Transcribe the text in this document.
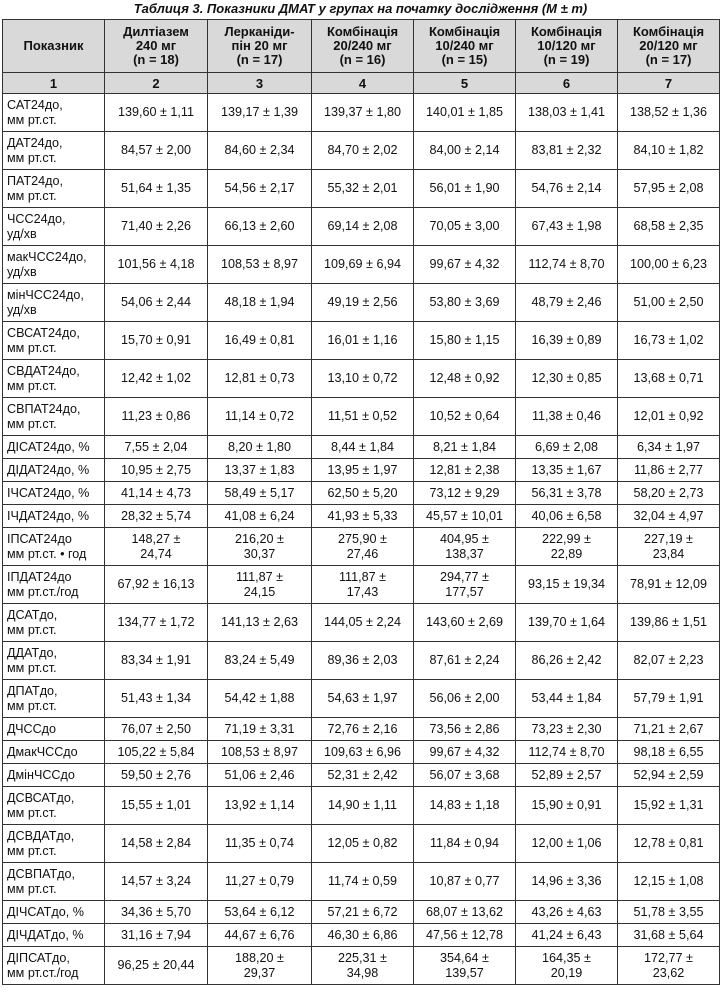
Таблиця 3. Показники ДМАТ у групах на початку дослідження (M ± m)
Показник	Дилтіазем
240 мг
(n = 18)	Лерканіди-
пін 20 мг
(n = 17)	Комбінація
20/240 мг
(n = 16)	Комбінація
10/240 мг
(n = 15)	Комбінація
10/120 мг
(n = 19)	Комбінація
20/120 мг
(n = 17)

1	2	3	4	5	6	7

САТ24до,
мм рт.ст.	139,60 ± 1,11	139,17 ± 1,39	139,37 ± 1,80	140,01 ± 1,85	138,03 ± 1,41	138,52 ± 1,36

ДАТ24до,
мм рт.ст.	84,57 ± 2,00	84,60 ± 2,34	84,70 ± 2,02	84,00 ± 2,14	83,81 ± 2,32	84,10 ± 1,82

ПАТ24до,
мм рт.ст.	51,64 ± 1,35	54,56 ± 2,17	55,32 ± 2,01	56,01 ± 1,90	54,76 ± 2,14	57,95 ± 2,08

ЧСС24до,
уд/хв	71,40 ± 2,26	66,13 ± 2,60	69,14 ± 2,08	70,05 ± 3,00	67,43 ± 1,98	68,58 ± 2,35

макЧСС24до,
уд/хв	101,56 ± 4,18	108,53 ± 8,97	109,69 ± 6,94	99,67 ± 4,32	112,74 ± 8,70	100,00 ± 6,23

мінЧСС24до,
уд/хв	54,06 ± 2,44	48,18 ± 1,94	49,19 ± 2,56	53,80 ± 3,69	48,79 ± 2,46	51,00 ± 2,50

СВСАТ24до,
мм рт.ст.	15,70 ± 0,91	16,49 ± 0,81	16,01 ± 1,16	15,80 ± 1,15	16,39 ± 0,89	16,73 ± 1,02

СВДАТ24до,
мм рт.ст.	12,42 ± 1,02	12,81 ± 0,73	13,10 ± 0,72	12,48 ± 0,92	12,30 ± 0,85	13,68 ± 0,71

СВПАТ24до,
мм рт.ст.	11,23 ± 0,86	11,14 ± 0,72	11,51 ± 0,52	10,52 ± 0,64	11,38 ± 0,46	12,01 ± 0,92

ДІСАТ24до, %	7,55 ± 2,04	8,20 ± 1,80	8,44 ± 1,84	8,21 ± 1,84	6,69 ± 2,08	6,34 ± 1,97

ДІДАТ24до, %	10,95 ± 2,75	13,37 ± 1,83	13,95 ± 1,97	12,81 ± 2,38	13,35 ± 1,67	11,86 ± 2,77

ІЧСАТ24до, %	41,14 ± 4,73	58,49 ± 5,17	62,50 ± 5,20	73,12 ± 9,29	56,31 ± 3,78	58,20 ± 2,73

ІЧДАТ24до, %	28,32 ± 5,74	41,08 ± 6,24	41,93 ± 5,33	45,57 ± 10,01	40,06 ± 6,58	32,04 ± 4,97

ІПСАТ24до
мм рт.ст. • год	148,27 ±
24,74	216,20 ±
30,37	275,90 ±
27,46	404,95 ±
138,37	222,99 ±
22,89	227,19 ±
23,84

ІПДАТ24до
мм рт.ст./год	67,92 ± 16,13	111,87 ±
24,15	111,87 ±
17,43	294,77 ±
177,57	93,15 ± 19,34	78,91 ± 12,09

ДСАТдо,
мм рт.ст.	134,77 ± 1,72	141,13 ± 2,63	144,05 ± 2,24	143,60 ± 2,69	139,70 ± 1,64	139,86 ± 1,51

ДДАТдо,
мм рт.ст.	83,34 ± 1,91	83,24 ± 5,49	89,36 ± 2,03	87,61 ± 2,24	86,26 ± 2,42	82,07 ± 2,23

ДПАТдо,
мм рт.ст.	51,43 ± 1,34	54,42 ± 1,88	54,63 ± 1,97	56,06 ± 2,00	53,44 ± 1,84	57,79 ± 1,91

ДЧССдо	76,07 ± 2,50	71,19 ± 3,31	72,76 ± 2,16	73,56 ± 2,86	73,23 ± 2,30	71,21 ± 2,67

ДмакЧССдо	105,22 ± 5,84	108,53 ± 8,97	109,63 ± 6,96	99,67 ± 4,32	112,74 ± 8,70	98,18 ± 6,55

ДмінЧССдо	59,50 ± 2,76	51,06 ± 2,46	52,31 ± 2,42	56,07 ± 3,68	52,89 ± 2,57	52,94 ± 2,59

ДСВСАТдо,
мм рт.ст.	15,55 ± 1,01	13,92 ± 1,14	14,90 ± 1,11	14,83 ± 1,18	15,90 ± 0,91	15,92 ± 1,31

ДСВДАТдо,
мм рт.ст.	14,58 ± 2,84	11,35 ± 0,74	12,05 ± 0,82	11,84 ± 0,94	12,00 ± 1,06	12,78 ± 0,81

ДСВПАТдо,
мм рт.ст.	14,57 ± 3,24	11,27 ± 0,79	11,74 ± 0,59	10,87 ± 0,77	14,96 ± 3,36	12,15 ± 1,08

ДІЧСАТдо, %	34,36 ± 5,70	53,64 ± 6,12	57,21 ± 6,72	68,07 ± 13,62	43,26 ± 4,63	51,78 ± 3,55

ДІЧДАТдо, %	31,16 ± 7,94	44,67 ± 6,76	46,30 ± 6,86	47,56 ± 12,78	41,24 ± 6,43	31,68 ± 5,64

ДІПСАТдо,
мм рт.ст./год	96,25 ± 20,44	188,20 ±
29,37	225,31 ±
34,98	354,64 ±
139,57	164,35 ±
20,19	172,77 ±
23,62
